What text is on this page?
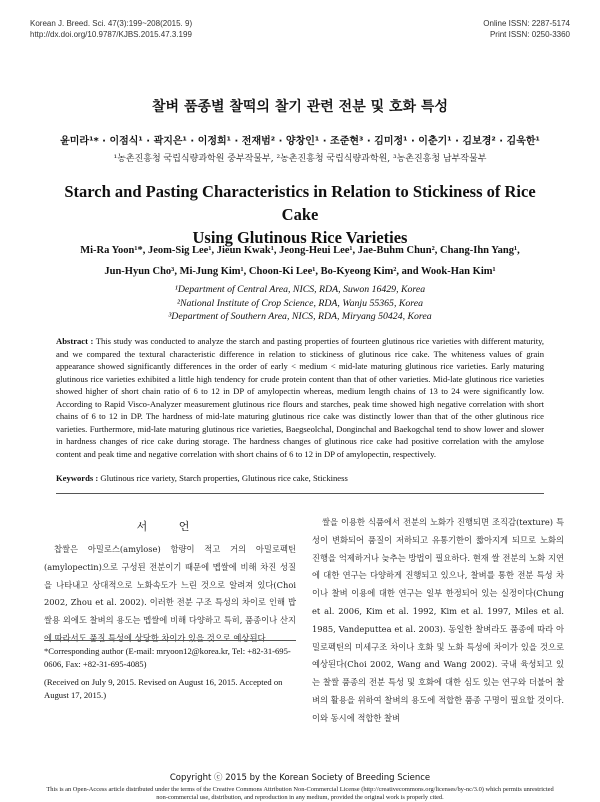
Korean J. Breed. Sci. 47(3):199~208(2015. 9)
http://dx.doi.org/10.9787/KJBS.2015.47.3.199
Online ISSN: 2287-5174
Print ISSN: 0250-3360
찰벼 품종별 찰떡의 찰기 관련 전분 및 호화 특성
윤미라¹* · 이점식¹ · 곽지은¹ · 이정희¹ · 전재범² · 양창인¹ · 조준현³ · 김미정¹ · 이춘기¹ · 김보경² · 김욱한¹
¹농촌진흥청 국립식량과학원 중부작물부, ²농촌진흥청 국립식량과학원, ³농촌진흥청 남부작물부
Starch and Pasting Characteristics in Relation to Stickiness of Rice Cake
Using Glutinous Rice Varieties
Mi-Ra Yoon¹*, Jeom-Sig Lee¹, Jieun Kwak¹, Jeong-Heui Lee¹, Jae-Buhm Chun², Chang-Ihn Yang¹,
Jun-Hyun Cho³, Mi-Jung Kim¹, Choon-Ki Lee¹, Bo-Kyeong Kim², and Wook-Han Kim¹
¹Department of Central Area, NICS, RDA, Suwon 16429, Korea
²National Institute of Crop Science, RDA, Wanju 55365, Korea
³Department of Southern Area, NICS, RDA, Miryang 50424, Korea
Abstract : This study was conducted to analyze the starch and pasting properties of fourteen glutinous rice varieties with different maturity, and we compared the textural characteristic difference in relation to stickiness of glutinous rice cake. The whiteness values of grain appearance showed significantly differences in the order of early < medium < mid-late maturing glutinous rice varieties. Early maturing glutinous rice varieties exhibited a little high tendency for crude protein content than that of other varieties. Mid-late glutinous rice varieties showed higher of short chain ratio of 6 to 12 in DP of amylopectin whereas, medium length chains of 13 to 24 were significantly low. According to Rapid Visco-Analyzer measurement glutinous rice flours and starches, peak time showed high negative correlation with short chains of 6 to 12 in DP. The hardness of mid-late maturing glutinous rice cake was distinctly lower than that of the other glutinous rice varieties. Furthermore, mid-late maturing glutinous rice varieties, Baegseolchal, Donginchal and Baekogchal tend to show lower and slower in hardness changes of rice cake during storage. The hardness changes of glutinous rice cake had positive correlation with the amylose content and peak time and negative correlation with short chains of 6 to 12 in DP of amylopectin, respectively.
Keywords : Glutinous rice variety, Starch properties, Glutinous rice cake, Stickiness
서 언

찹쌀은 아밀로스(amylose) 함량이 적고 거의 아밀로펙틴(amylopectin)으로 구성된 전분이기 때문에 멥쌀에 비해 차진 성질을 나타내고 상대적으로 노화속도가 느린 것으로 알려져 있다(Choi 2002, Zhou et al. 2002). 이러한 전분 구조 특성의 차이로 인해 밥쌀용 외에도 찰벼의 용도는 멥쌀에 비해 다양하고 특히, 품종이나 산지에 따라서도 품질 특성에 상당한 차이가 있을 것으로 예상된다.

*Corresponding author (E-mail: mryoon12@korea.kr, Tel: +82-31-695-0606, Fax: +82-31-695-4085)

(Received on July 9, 2015. Revised on August 16, 2015. Accepted on August 17, 2015.)

쌀을 이용한 식품에서 전분의 노화가 진행되면 조직감(texture) 특성이 변화되어 품질이 저하되고 유통기한이 짧아지게 되므로 노화의 진행을 억제하거나 늦추는 방법이 필요하다. 현재 쌀 전분의 노화 지연에 대한 연구는 다양하게 진행되고 있으나, 찰벼를 통한 전분 특성 차이나 찰벼 이용에 대한 연구는 일부 한정되어 있는 실정이다(Chung et al. 2006, Kim et al. 1992, Kim et al. 1997, Miles et al. 1985, Vandeputtea et al. 2003). 동일한 찰벼라도 품종에 따라 아밀로펙틴의 미세구조 차이나 호화 및 노화 특성에 차이가 있을 것으로 예상된다(Choi 2002, Wang and Wang 2002). 국내 육성되고 있는 찰쌀 품종의 전분 특성 및 호화에 대한 심도 있는 연구와 더불어 찰벼의 활용을 위하여 찰벼의 용도에 적합한 품종 구명이 필요할 것이다. 이와 동시에 적합한 찰벼

Copyright ⓒ 2015 by the Korean Society of Breeding Science
This is an Open-Access article distributed under the terms of the Creative Commons Attribution Non-Commercial License (http://creativecommons.org/licenses/by-nc/3.0) which permits unrestricted non-commercial use, distribution, and reproduction in any medium, provided the original work is properly cited.
